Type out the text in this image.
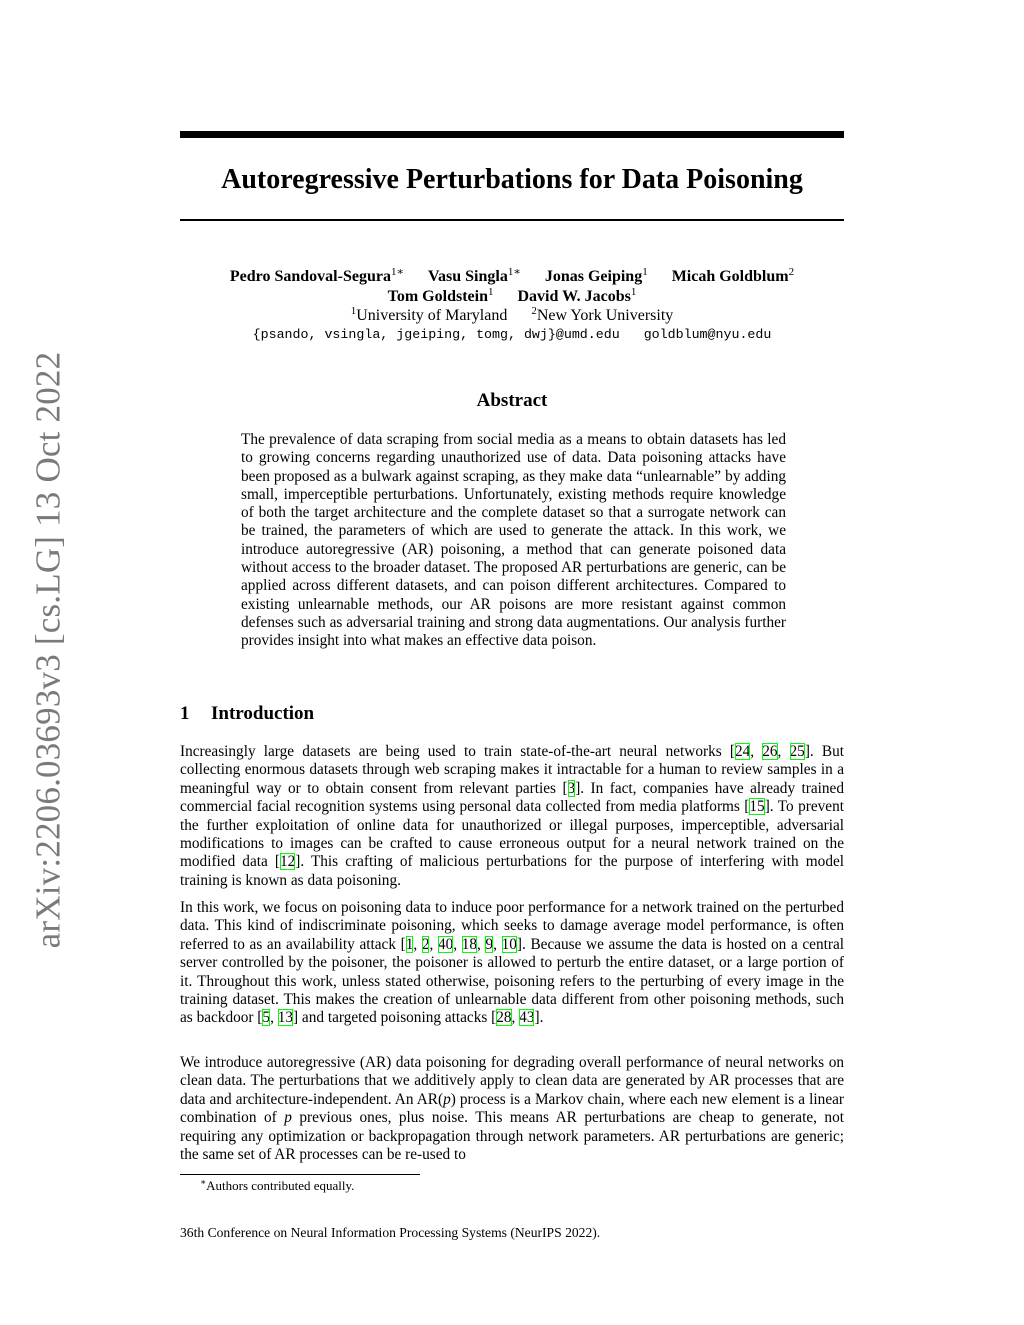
arXiv:2206.03693v3 [cs.LG] 13 Oct 2022
Autoregressive Perturbations for Data Poisoning
Pedro Sandoval-Segura$^{1∗}$ Vasu Singla$^{1∗}$ Jonas Geiping$^1$ Micah Goldblum$^2$
Tom Goldstein$^1$ David W. Jacobs$^1$
$^1$University of Maryland $^2$New York University
{psando, vsingla, jgeiping, tomg, dwj}@umd.edu goldblum@nyu.edu
Abstract

The prevalence of data scraping from social media as a means to obtain datasets has led to growing concerns regarding unauthorized use of data. Data poisoning attacks have been proposed as a bulwark against scraping, as they make data “unlearnable” by adding small, imperceptible perturbations. Unfortunately, existing methods require knowledge of both the target architecture and the complete dataset so that a surrogate network can be trained, the parameters of which are used to generate the attack. In this work, we introduce autoregressive (AR) poisoning, a method that can generate poisoned data without access to the broader dataset. The proposed AR perturbations are generic, can be applied across different datasets, and can poison different architectures. Compared to existing unlearnable methods, our AR poisons are more resistant against common defenses such as adversarial training and strong data augmentations. Our analysis further provides insight into what makes an effective data poison.

1 Introduction

Increasingly large datasets are being used to train state-of-the-art neural networks [24, 26, 25]. But collecting enormous datasets through web scraping makes it intractable for a human to review samples in a meaningful way or to obtain consent from relevant parties [3]. In fact, companies have already trained commercial facial recognition systems using personal data collected from media platforms [15]. To prevent the further exploitation of online data for unauthorized or illegal purposes, imperceptible, adversarial modifications to images can be crafted to cause erroneous output for a neural network trained on the modified data [12]. This crafting of malicious perturbations for the purpose of interfering with model training is known as data poisoning.

In this work, we focus on poisoning data to induce poor performance for a network trained on the perturbed data. This kind of indiscriminate poisoning, which seeks to damage average model performance, is often referred to as an availability attack [1, 2, 40, 18, 9, 10]. Because we assume the data is hosted on a central server controlled by the poisoner, the poisoner is allowed to perturb the entire dataset, or a large portion of it. Throughout this work, unless stated otherwise, poisoning refers to the perturbing of every image in the training dataset. This makes the creation of unlearnable data different from other poisoning methods, such as backdoor [5, 13] and targeted poisoning attacks [28, 43].

We introduce autoregressive (AR) data poisoning for degrading overall performance of neural networks on clean data. The perturbations that we additively apply to clean data are generated by AR processes that are data and architecture-independent. An AR(p) process is a Markov chain, where each new element is a linear combination of p previous ones, plus noise. This means AR perturbations are cheap to generate, not requiring any optimization or backpropagation through network parameters. AR perturbations are generic; the same set of AR processes can be re-used to

∗Authors contributed equally.

36th Conference on Neural Information Processing Systems (NeurIPS 2022).
